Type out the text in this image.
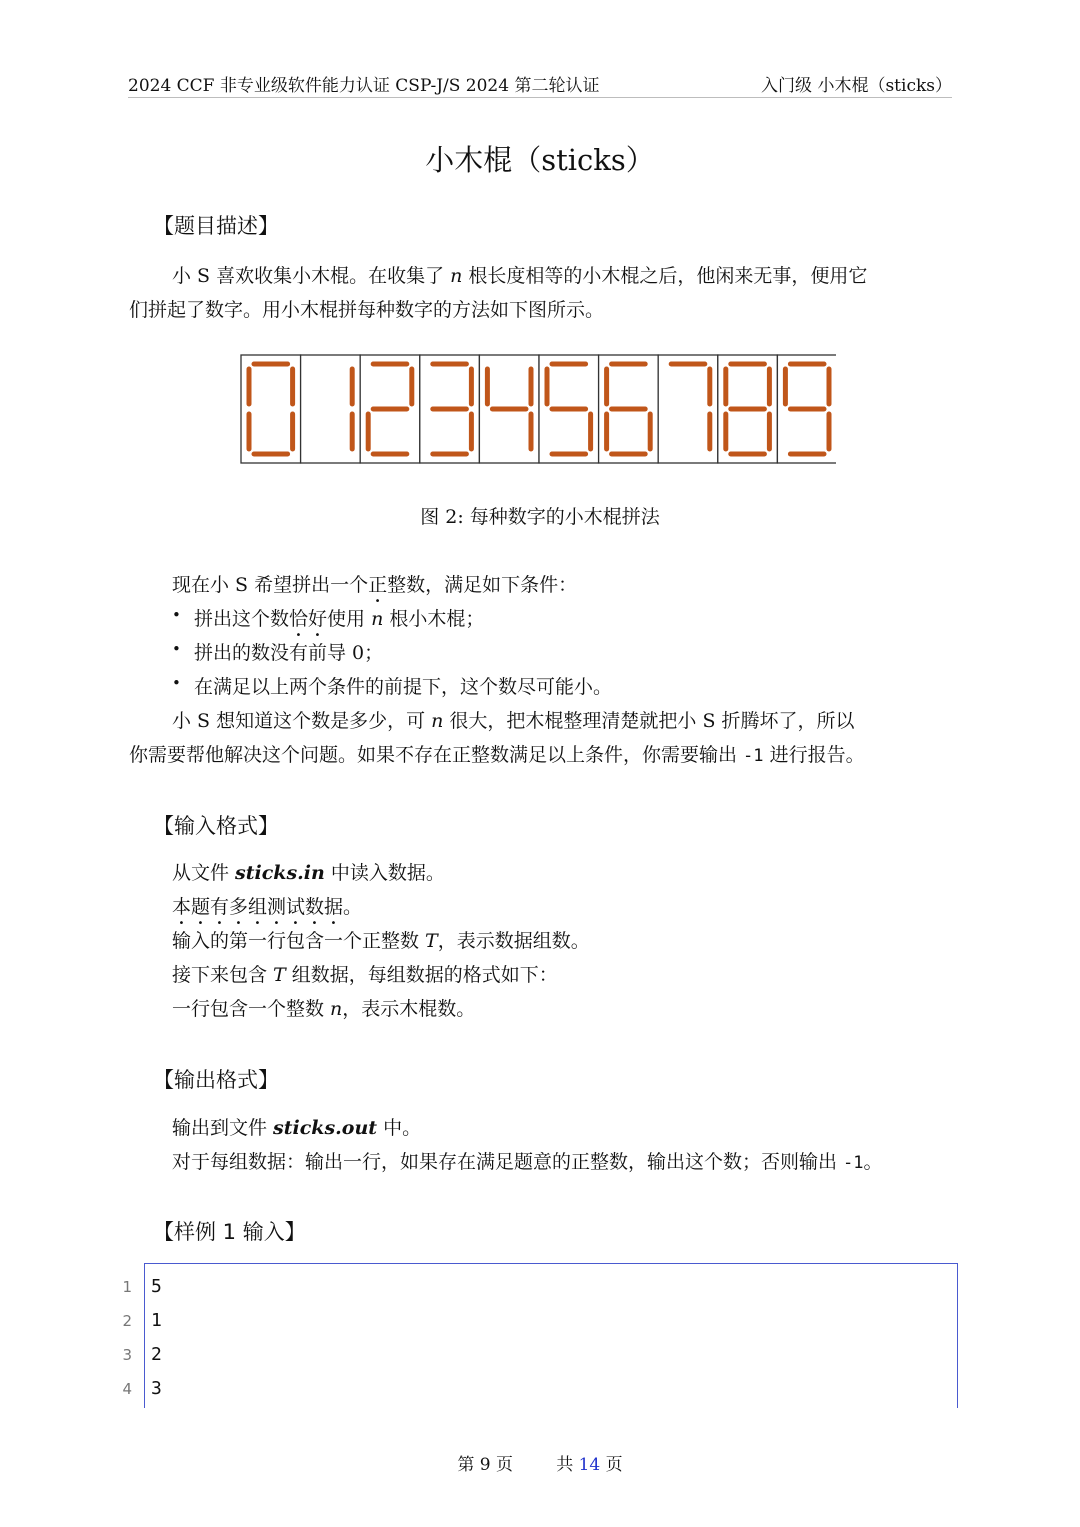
2024 CCF 非专业级软件能力认证 CSP-J/S 2024 第二轮认证	入门级 小木棍（sticks）
小木棍（sticks）
【题目描述】
小 S 喜欢收集小木棍。在收集了 n 根长度相等的小木棍之后，他闲来无事，便用它
们拼起了数字。用小木棍拼每种数字的方法如下图所示。
图 2: 每种数字的小木棍拼法
现在小 S 希望拼出一个正整数，满足如下条件：
• 拼出这个数恰好使用 n 根小木棍；
• 拼出的数没有前导 0；
• 在满足以上两个条件的前提下，这个数尽可能小。
小 S 想知道这个数是多少，可 n 很大，把木棍整理清楚就把小 S 折腾坏了，所以
你需要帮他解决这个问题。如果不存在正整数满足以上条件，你需要输出 -1 进行报告。
【输入格式】
从文件 sticks.in 中读入数据。
本题有多组测试数据。
输入的第一行包含一个正整数 T，表示数据组数。
接下来包含 T 组数据，每组数据的格式如下：
一行包含一个整数 n，表示木棍数。
【输出格式】
输出到文件 sticks.out 中。
对于每组数据：输出一行，如果存在满足题意的正整数，输出这个数；否则输出 -1。
【样例 1 输入】
1 5
2 1
3 2
4 3
第 9 页	共 14 页
